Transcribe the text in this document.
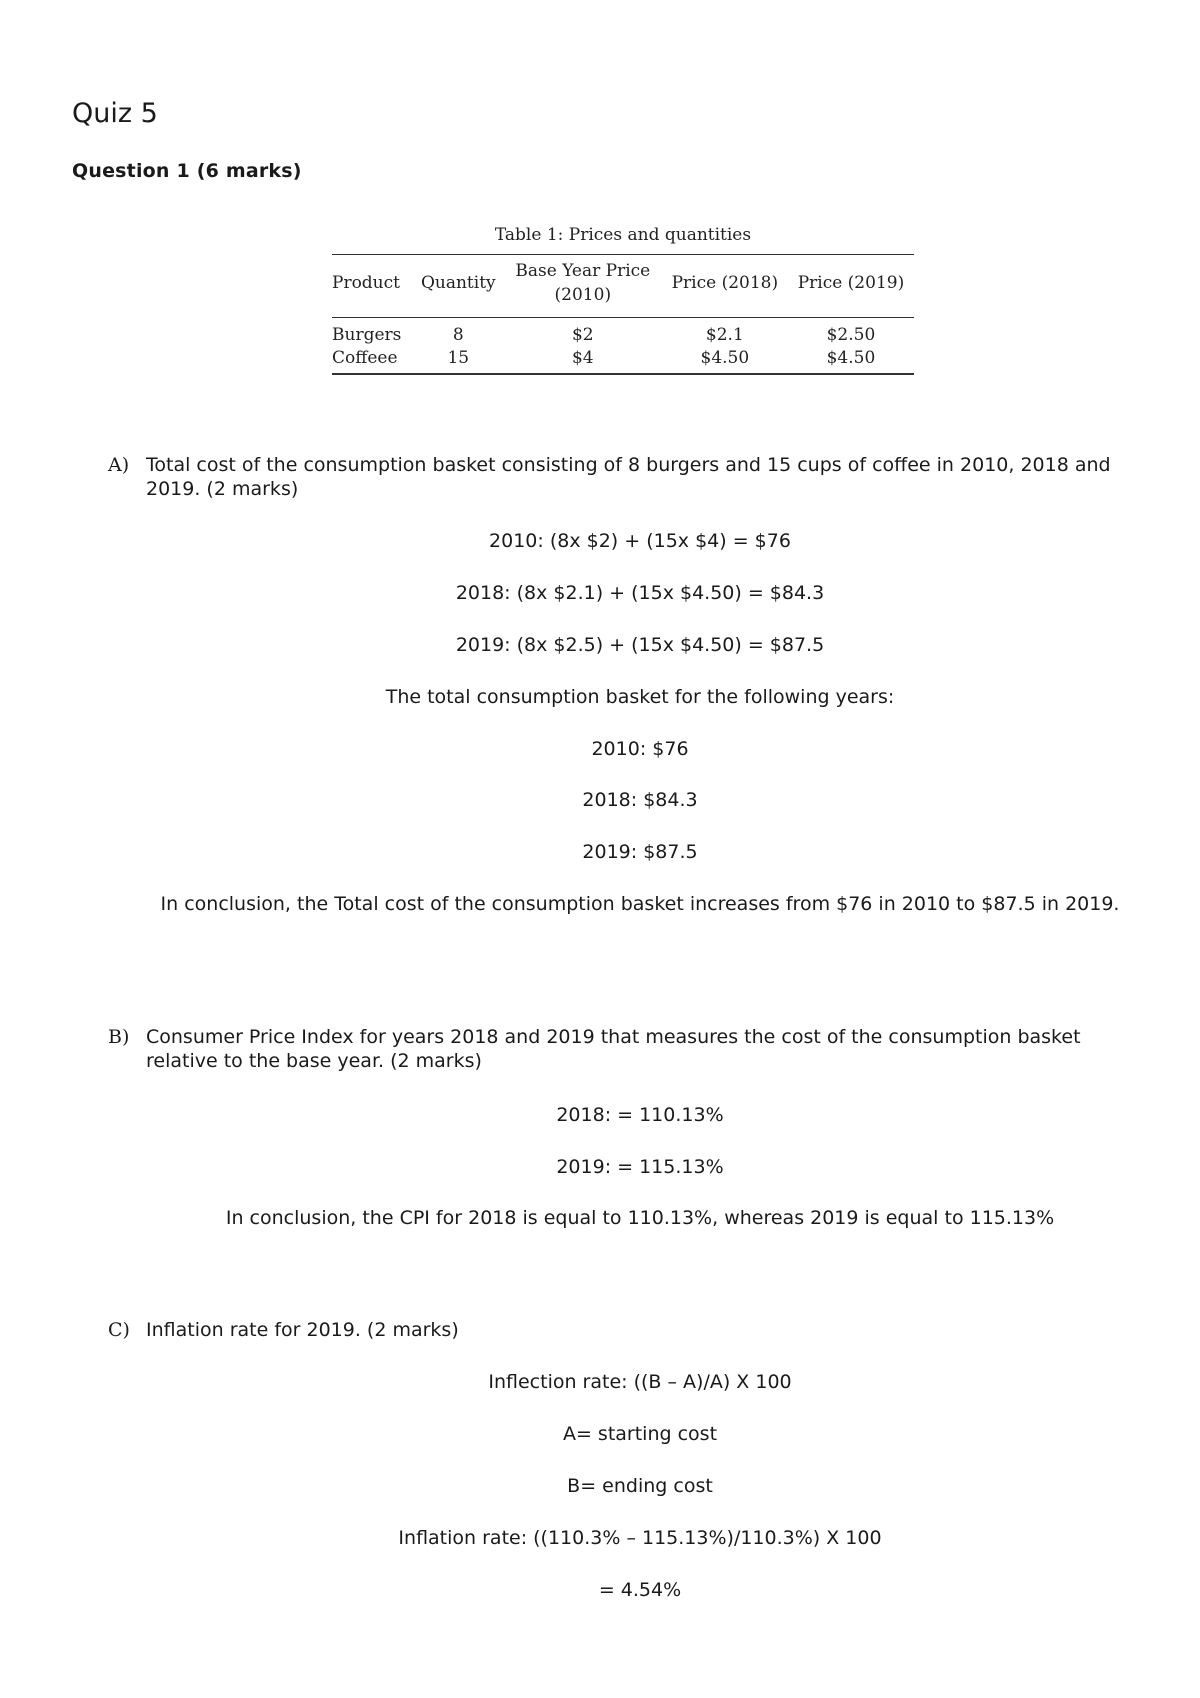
Quiz 5
Question 1 (6 marks)
Table 1: Prices and quantities
Product	Quantity	Base Year Price (2010)	Price (2018)	Price (2019)
Burgers	8	$2	$2.1	$2.50
Coffeee	15	$4	$4.50	$4.50
A) Total cost of the consumption basket consisting of 8 burgers and 15 cups of coffee in 2010, 2018 and 2019. (2 marks)
2010: (8x $2) + (15x $4) = $76
2018: (8x $2.1) + (15x $4.50) = $84.3
2019: (8x $2.5) + (15x $4.50) = $87.5
The total consumption basket for the following years:
2010: $76
2018: $84.3
2019: $87.5
In conclusion, the Total cost of the consumption basket increases from $76 in 2010 to $87.5 in 2019.
B) Consumer Price Index for years 2018 and 2019 that measures the cost of the consumption basket relative to the base year. (2 marks)
2018: = 110.13%
2019: = 115.13%
In conclusion, the CPI for 2018 is equal to 110.13%, whereas 2019 is equal to 115.13%
C) Inflation rate for 2019. (2 marks)
Inflection rate: ((B – A)/A) X 100
A= starting cost
B= ending cost
Inflation rate: ((110.3% – 115.13%)/110.3%) X 100
= 4.54%
